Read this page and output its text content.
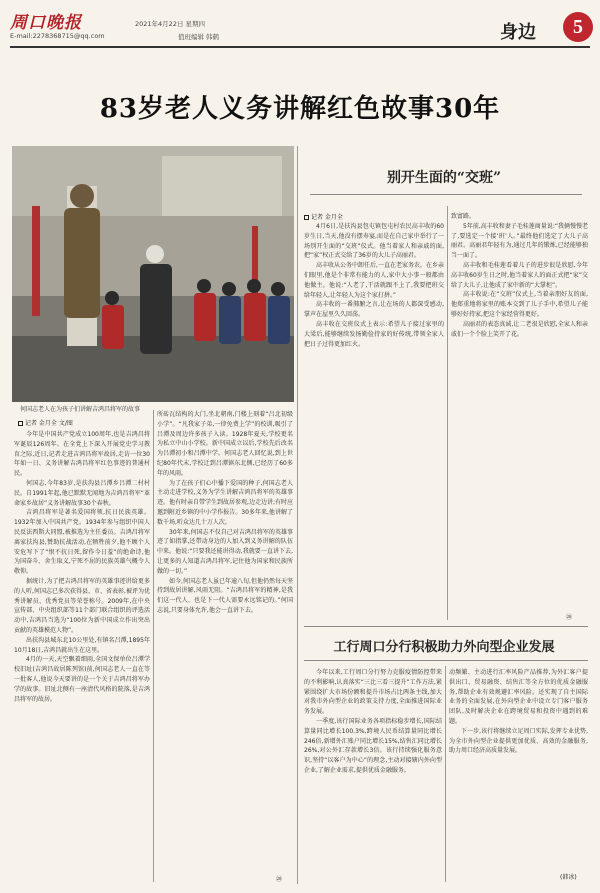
周口晚报
E-mail:2278368715@qq.com
2021年4月22日 星期四
值班编辑 韩鹤	身边	5
83岁老人义务讲解红色故事30年
何国志老人在为孩子们讲解吉鸿昌将军的故事
别开生面的“交班”
记者 金月全

4月6日,是扶沟县包屯镇包屯村农民高丰收的60岁生日,当天,他没有摆寿宴,而是在自己家中举行了一场别开生面的“交班”仪式。他当着家人和亲戚的面,把“家”权正式交给了36岁的大儿子高丽君。

高丰收从公务中卸任后,一直在老家务农。在乡亲们眼里,他是个非常有能力的人,家中大小事一般都由他做主。他说:“人老了,干活就跟不上了,我要把班交给年轻人,让年轻人为这个家打拼。”

高丰收的一番肺腑之言,让在场的人都深受感动,掌声在屋里久久回荡。

高丰收在交班仪式上表示:希望儿子接过家里的大梁后,能够继续发扬勤俭持家的好传统,带领全家人把日子过得更加红火。

致富路。

5年前,高丰收和妻子毛桂莲商量说:“我俩慢慢老了,要选定一个接‘班’人。”最终他们选定了大儿子高丽君。高丽君年轻有为,通过几年的锻炼,已经能够独当一面了。

高丰收和毛桂莲看着儿子的进步很是欣慰,今年高丰收60岁生日之时,他当着家人的面正式把“家”交给了大儿子,让他成了家中新的“大掌柜”。

高丰收说:在“交班”仪式上,当着亲朋好友的面,他郑重地将家里的账本交到了儿子手中,希望儿子能够好好持家,把这个家经营得更好。

高丽君的表态真诚,让二老很是欣慰,全家人和亲戚们一个个脸上笑开了花。

⑳
记者 金月全 文/图

今年是中国共产党成立100周年,也是吉鸿昌将军诞辰126周年。在全党上下深入开展党史学习教育之际,近日,记者走进吉鸿昌将军故居,走访一位30年如一日、义务讲解吉鸿昌将军红色事迹的普通村民。

何国志,今年83岁,是扶沟县吕潭乡吕潭二村村民。自1991年起,他已默默无闻地为吉鸿昌将军“革命家乡故居”义务讲解故事30个春秋。

吉鸿昌将军是著名爱国将领,抗日民族英雄。1932年加入中国共产党。1934年参与组织中国人民反法西斯大同盟,被推选为主任委员。吉鸿昌将军离家扶沟县,赞助抗战活动,在牺牲前夕,他不顾个人安危写下了“恨不抗日死,留作今日羞”的绝命诗,他为国奋斗、舍生取义,宁死不屈的民族英雄气概令人敬仰。

据统计,为了把吉鸿昌将军的英雄事迹讲给更多的人听,何国志已多次获得县、市、省表彰,被评为优秀讲解员、优秀党员等荣誉称号。2009年,在中央宣传部、中央组织部等11个部门联合组织的评选活动中,吉鸿昌当选为“100位为新中国成立作出突出贡献的英雄模范人物”。

出扶沟县城东北10公里处,有镇名吕潭,1895年10月18日,吉鸿昌就出生在这里。

4月的一天,天空飘着细雨,全国文保单位吕潭学校旧址(吉鸿昌故居陈列馆)前,何国志老人一直在等一批客人,他说今天要讲的是一个关于吉鸿昌将军办学的故事。旧址北侧有一座清代风格的院落,是吉鸿昌将军的故居。

所砖瓦结构的大门,坐北朝南,门楼上刻着“吕北初级小学”。“凡我家子弟,一律免费上学”的校训,吸引了吕潭及周边许多孩子入读。1928年夏天,学校更名为私立中山小学校。新中国成立以后,学校先后改名为吕潭初小和吕潭中学。何国志老人回忆说,到上世纪80年代末,学校迁到吕潭镇东北侧,已经历了60多年的风雨。

为了在孩子们心中播下爱国的种子,何国志老人主动走进学校,义务为学生讲解吉鸿昌将军的英雄事迹。他有时亲自带学生到故居参观,边走边讲;有时应邀到附近乡镇的中小学作报告。30多年来,他讲解了数千场,听众达几十万人次。

30年来,何国志不仅自己对吉鸿昌将军的英雄事迹了如指掌,还带动身边的人加入到义务讲解的队伍中来。他说:“只要我还能讲得动,我就要一直讲下去,让更多的人知道吉鸿昌将军,记住他为国家和民族所做的一切。”

如今,何国志老人虽已年逾八旬,但他仍然每天坚持到故居讲解,风雨无阻。“吉鸿昌将军的精神,是我们这一代人、也是下一代人需要永远铭记的。”何国志说,只要身体允许,他会一直讲下去。

⑳
工行周口分行积极助力外向型企业发展

今年以来,工行周口分行努力克服疫情防控带来的不利影响,认真落实“三比三看三提升”工作方法,紧紧围绕扩大市场份额和提升市场占比两条主线,加大对我市外向型企业的政策支持力度,全面推进国际业务发展。

一季度,该行国际业务各项指标稳步增长,国际结算量同比增长100.3%,跨境人民币结算量同比增长246倍,新增外汇账户同比增长15%,结售汇同比增长26%,对公外汇存款增长3倍。该行持续强化服务意识,坚持“以客户为中心”的理念,主动对接辖内外向型企业,了解企业需求,提供优质金融服务。

动频繁、主动进行汇率风险产品推荐,为外汇客户提供出口、贸易融资、结售汇等全方位的优质金融服务,帮助企业有效规避汇率风险。还实现了自主国际业务的全面发展,在外向型企业中设立专门客户服务团队,及时解决企业在跨境贸易和投资中遇到的难题。

下一步,该行将继续立足周口实际,发挥专业优势,为全市外向型企业提供更加优质、高效的金融服务,助力周口经济高质量发展。

(韩冰)
